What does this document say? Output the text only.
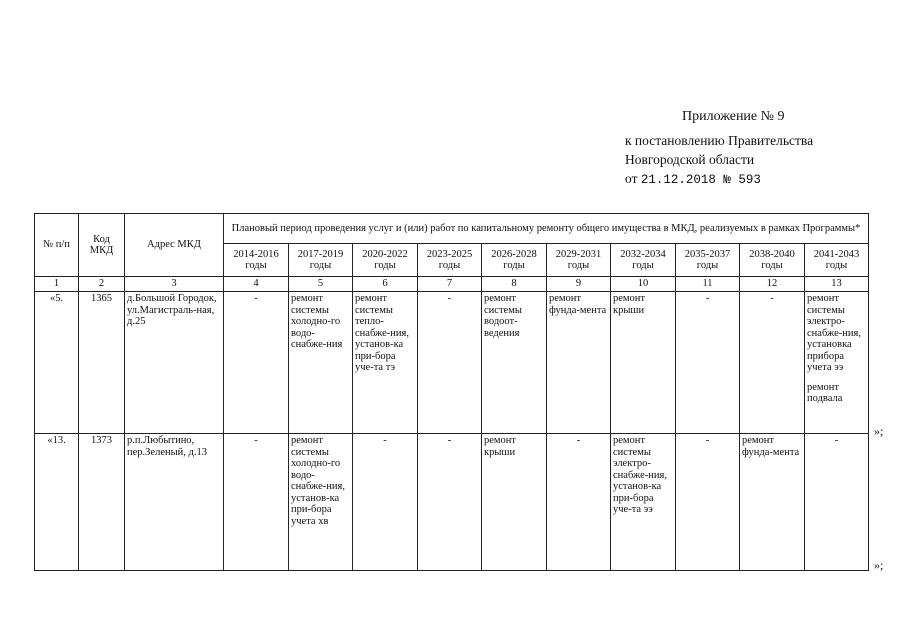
Приложение № 9
к постановлению Правительства
Новгородской области
от 21.12.2018 № 593
№ п/п	Код МКД	Адрес МКД	Плановый период проведения услуг и (или) работ по капитальному ремонту общего имущества в МКД, реализуемых в рамках Программы*									
			2014-2016 годы	2017-2019 годы	2020-2022 годы	2023-2025 годы	2026-2028 годы	2029-2031 годы	2032-2034 годы	2035-2037 годы	2038-2040 годы	2041-2043 годы
1	2	3	4	5	6	7	8	9	10	11	12	13
«5.	1365	д.Большой Городок, ул.Магистраль-ная, д.25	-	ремонт системы холодно-го водо-снабже-ния	ремонт системы тепло-снабже-ния, установ-ка при-бора уче-та тэ	-	ремонт системы водоот-ведения	ремонт фунда-мента	ремонт крыши	-	-	ремонт системы электро-снабже-ния, установка прибора учета ээ
ремонт подвала

«13.	1373	р.п.Любытино, пер.Зеленый, д.13	-	ремонт системы холодно-го водо-снабже-ния, установ-ка при-бора учета хв	-	-	ремонт крыши	-	ремонт системы электро-снабже-ния, установ-ка при-бора уче-та ээ	-	ремонт фунда-мента	-
»;
»;
